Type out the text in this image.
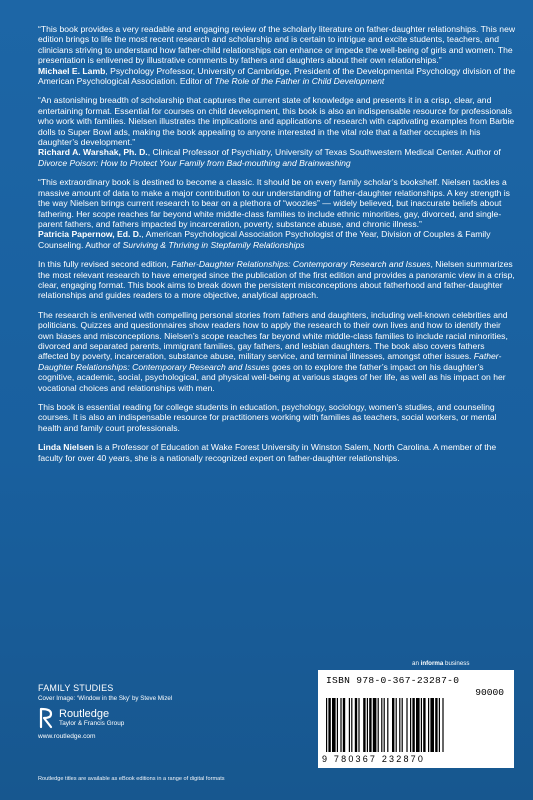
“This book provides a very readable and engaging review of the scholarly literature on father-daughter relationships. This new edition brings to life the most recent research and scholarship and is certain to intrigue and excite students, teachers, and clinicians striving to understand how father-child relationships can enhance or impede the well-being of girls and women. The presentation is enlivened by illustrative comments by fathers and daughters about their own relationships.”

Michael E. Lamb, Psychology Professor, University of Cambridge, President of the Developmental Psychology division of the American Psychological Association. Editor of The Role of the Father in Child Development

“An astonishing breadth of scholarship that captures the current state of knowledge and presents it in a crisp, clear, and entertaining format. Essential for courses on child development, this book is also an indispensable resource for professionals who work with families. Nielsen illustrates the implications and applications of research with captivating examples from Barbie dolls to Super Bowl ads, making the book appealing to anyone interested in the vital role that a father occupies in his daughter’s development.”

Richard A. Warshak, Ph. D., Clinical Professor of Psychiatry, University of Texas Southwestern Medical Center. Author of Divorce Poison: How to Protect Your Family from Bad-mouthing and Brainwashing

“This extraordinary book is destined to become a classic. It should be on every family scholar’s bookshelf. Nielsen tackles a massive amount of data to make a major contribution to our understanding of father-daughter relationships. A key strength is the way Nielsen brings current research to bear on a plethora of “woozles” — widely believed, but inaccurate beliefs about fathering. Her scope reaches far beyond white middle-class families to include ethnic minorities, gay, divorced, and single-parent fathers, and fathers impacted by incarceration, poverty, substance abuse, and chronic illness.”

Patricia Papernow, Ed. D., American Psychological Association Psychologist of the Year, Division of Couples & Family Counseling. Author of Surviving & Thriving in Stepfamily Relationships

In this fully revised second edition, Father-Daughter Relationships: Contemporary Research and Issues, Nielsen summarizes the most relevant research to have emerged since the publication of the first edition and provides a panoramic view in a crisp, clear, engaging format. This book aims to break down the persistent misconceptions about fatherhood and father-daughter relationships and guides readers to a more objective, analytical approach.

The research is enlivened with compelling personal stories from fathers and daughters, including well-known celebrities and politicians. Quizzes and questionnaires show readers how to apply the research to their own lives and how to identify their own biases and misconceptions. Nielsen’s scope reaches far beyond white middle-class families to include racial minorities, divorced and separated parents, immigrant families, gay fathers, and lesbian daughters. The book also covers fathers affected by poverty, incarceration, substance abuse, military service, and terminal illnesses, amongst other issues. Father-Daughter Relationships: Contemporary Research and Issues goes on to explore the father’s impact on his daughter’s cognitive, academic, social, psychological, and physical well-being at various stages of her life, as well as his impact on her vocational choices and relationships with men.

This book is essential reading for college students in education, psychology, sociology, women’s studies, and counseling courses. It is also an indispensable resource for practitioners working with families as teachers, social workers, or mental health and family court professionals.

Linda Nielsen is a Professor of Education at Wake Forest University in Winston Salem, North Carolina. A member of the faculty for over 40 years, she is a nationally recognized expert on father-daughter relationships.

an informa business
FAMILY STUDIES
Cover Image: ‘Window in the Sky’ by Steve Mizel
Routledge
Taylor & Francis Group
www.routledge.com
ISBN 978-0-367-23287-0
90000
9 780367 232870
Routledge titles are available as eBook editions in a range of digital formats
